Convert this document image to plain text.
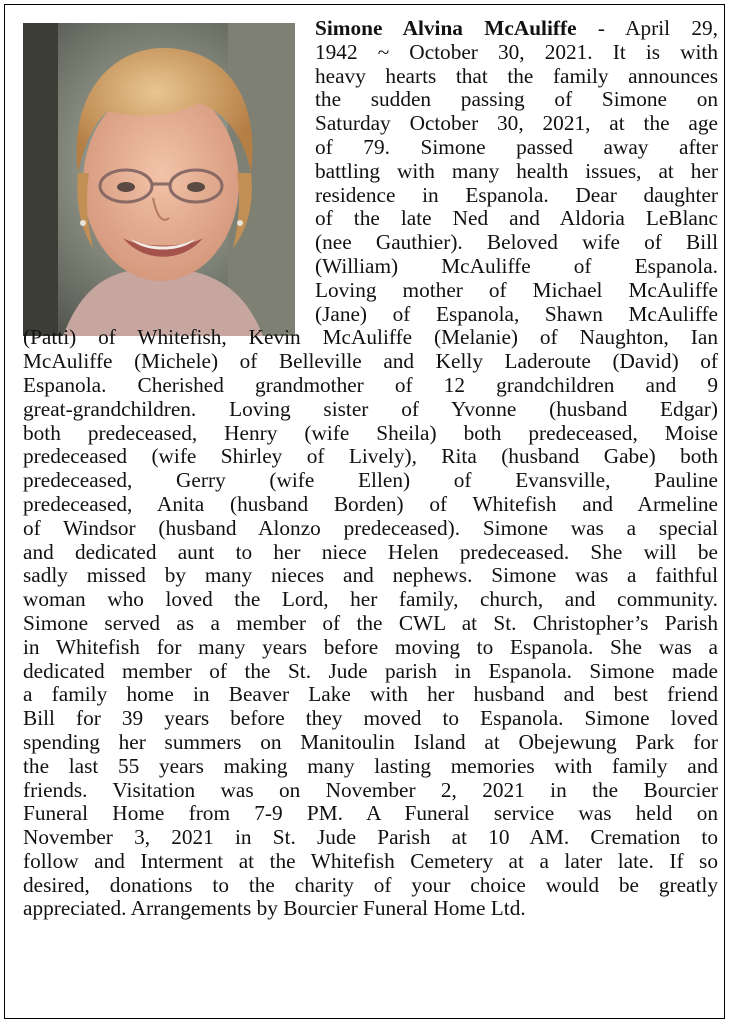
Simone Alvina McAuliffe - April 29,
1942 ~ October 30, 2021. It is with
heavy hearts that the family announces
the sudden passing of Simone on
Saturday October 30, 2021, at the age
of 79. Simone passed away after
battling with many health issues, at her
residence in Espanola. Dear daughter
of the late Ned and Aldoria LeBlanc
(nee Gauthier). Beloved wife of Bill
(William) McAuliffe of Espanola.
Loving mother of Michael McAuliffe
(Jane) of Espanola, Shawn McAuliffe
(Patti) of Whitefish, Kevin McAuliffe (Melanie) of Naughton, Ian
McAuliffe (Michele) of Belleville and Kelly Laderoute (David) of
Espanola. Cherished grandmother of 12 grandchildren and 9
great-grandchildren. Loving sister of Yvonne (husband Edgar)
both predeceased, Henry (wife Sheila) both predeceased, Moise
predeceased (wife Shirley of Lively), Rita (husband Gabe) both
predeceased, Gerry (wife Ellen) of Evansville, Pauline
predeceased, Anita (husband Borden) of Whitefish and Armeline
of Windsor (husband Alonzo predeceased). Simone was a special
and dedicated aunt to her niece Helen predeceased. She will be
sadly missed by many nieces and nephews. Simone was a faithful
woman who loved the Lord, her family, church, and community.
Simone served as a member of the CWL at St. Christopher’s Parish
in Whitefish for many years before moving to Espanola. She was a
dedicated member of the St. Jude parish in Espanola. Simone made
a family home in Beaver Lake with her husband and best friend
Bill for 39 years before they moved to Espanola. Simone loved
spending her summers on Manitoulin Island at Obejewung Park for
the last 55 years making many lasting memories with family and
friends. Visitation was on November 2, 2021 in the Bourcier
Funeral Home from 7-9 PM. A Funeral service was held on
November 3, 2021 in St. Jude Parish at 10 AM. Cremation to
follow and Interment at the Whitefish Cemetery at a later late. If so
desired, donations to the charity of your choice would be greatly
appreciated. Arrangements by Bourcier Funeral Home Ltd.
